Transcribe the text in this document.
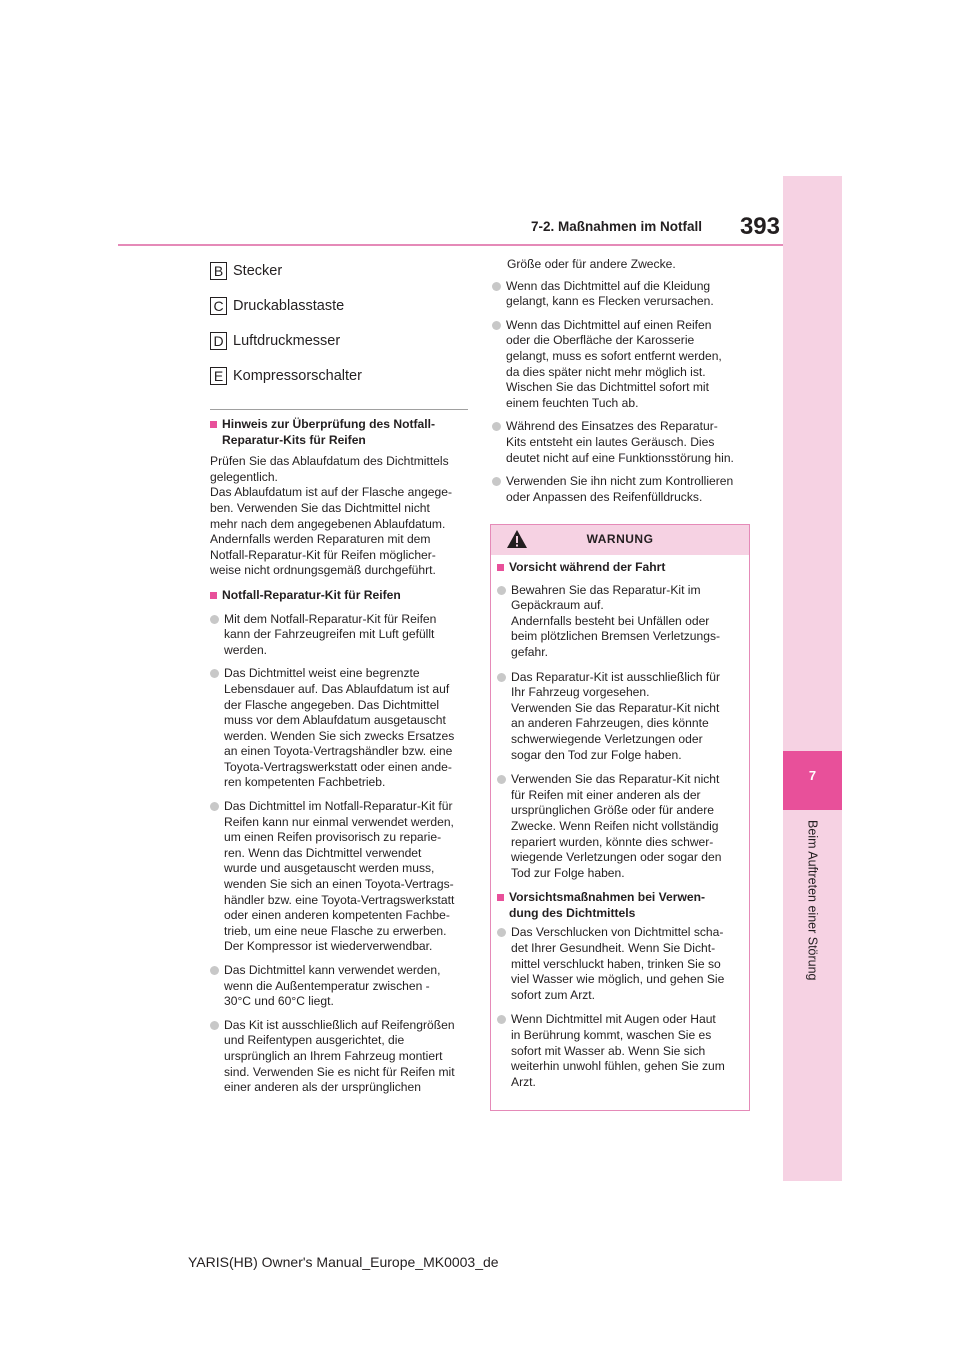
7-2. Maßnahmen im Notfall	393
7
Beim Auftreten einer Störung
B Stecker
C Druckablasstaste
D Luftdruckmesser
E Kompressorschalter
Hinweis zur Überprüfung des Notfall-
Reparatur-Kits für Reifen

Prüfen Sie das Ablaufdatum des Dichtmittels
gelegentlich.
Das Ablaufdatum ist auf der Flasche angege-
ben. Verwenden Sie das Dichtmittel nicht
mehr nach dem angegebenen Ablaufdatum.
Andernfalls werden Reparaturen mit dem
Notfall-Reparatur-Kit für Reifen möglicher-
weise nicht ordnungsgemäß durchgeführt.

Notfall-Reparatur-Kit für Reifen
Mit dem Notfall-Reparatur-Kit für Reifen
kann der Fahrzeugreifen mit Luft gefüllt
werden.
Das Dichtmittel weist eine begrenzte
Lebensdauer auf. Das Ablaufdatum ist auf
der Flasche angegeben. Das Dichtmittel
muss vor dem Ablaufdatum ausgetauscht
werden. Wenden Sie sich zwecks Ersatzes
an einen Toyota-Vertragshändler bzw. eine
Toyota-Vertragswerkstatt oder einen ande-
ren kompetenten Fachbetrieb.
Das Dichtmittel im Notfall-Reparatur-Kit für
Reifen kann nur einmal verwendet werden,
um einen Reifen provisorisch zu reparie-
ren. Wenn das Dichtmittel verwendet
wurde und ausgetauscht werden muss,
wenden Sie sich an einen Toyota-Vertrags-
händler bzw. eine Toyota-Vertragswerkstatt
oder einen anderen kompetenten Fachbe-
trieb, um eine neue Flasche zu erwerben.
Der Kompressor ist wiederverwendbar.
Das Dichtmittel kann verwendet werden,
wenn die Außentemperatur zwischen -
30°C und 60°C liegt.
Das Kit ist ausschließlich auf Reifengrößen
und Reifentypen ausgerichtet, die
ursprünglich an Ihrem Fahrzeug montiert
sind. Verwenden Sie es nicht für Reifen mit
einer anderen als der ursprünglichen

Größe oder für andere Zwecke.

Wenn das Dichtmittel auf die Kleidung
gelangt, kann es Flecken verursachen.
Wenn das Dichtmittel auf einen Reifen
oder die Oberfläche der Karosserie
gelangt, muss es sofort entfernt werden,
da dies später nicht mehr möglich ist.
Wischen Sie das Dichtmittel sofort mit
einem feuchten Tuch ab.
Während des Einsatzes des Reparatur-
Kits entsteht ein lautes Geräusch. Dies
deutet nicht auf eine Funktionsstörung hin.
Verwenden Sie ihn nicht zum Kontrollieren
oder Anpassen des Reifenfülldrucks.
WARNUNG
Vorsicht während der Fahrt
Bewahren Sie das Reparatur-Kit im
Gepäckraum auf.
Andernfalls besteht bei Unfällen oder
beim plötzlichen Bremsen Verletzungs-
gefahr.
Das Reparatur-Kit ist ausschließlich für
Ihr Fahrzeug vorgesehen.
Verwenden Sie das Reparatur-Kit nicht
an anderen Fahrzeugen, dies könnte
schwerwiegende Verletzungen oder
sogar den Tod zur Folge haben.
Verwenden Sie das Reparatur-Kit nicht
für Reifen mit einer anderen als der
ursprünglichen Größe oder für andere
Zwecke. Wenn Reifen nicht vollständig
repariert wurden, könnte dies schwer-
wiegende Verletzungen oder sogar den
Tod zur Folge haben.
Vorsichtsmaßnahmen bei Verwen-
dung des Dichtmittels
Das Verschlucken von Dichtmittel scha-
det Ihrer Gesundheit. Wenn Sie Dicht-
mittel verschluckt haben, trinken Sie so
viel Wasser wie möglich, und gehen Sie
sofort zum Arzt.
Wenn Dichtmittel mit Augen oder Haut
in Berührung kommt, waschen Sie es
sofort mit Wasser ab. Wenn Sie sich
weiterhin unwohl fühlen, gehen Sie zum
Arzt.
YARIS(HB) Owner's Manual_Europe_MK0003_de
